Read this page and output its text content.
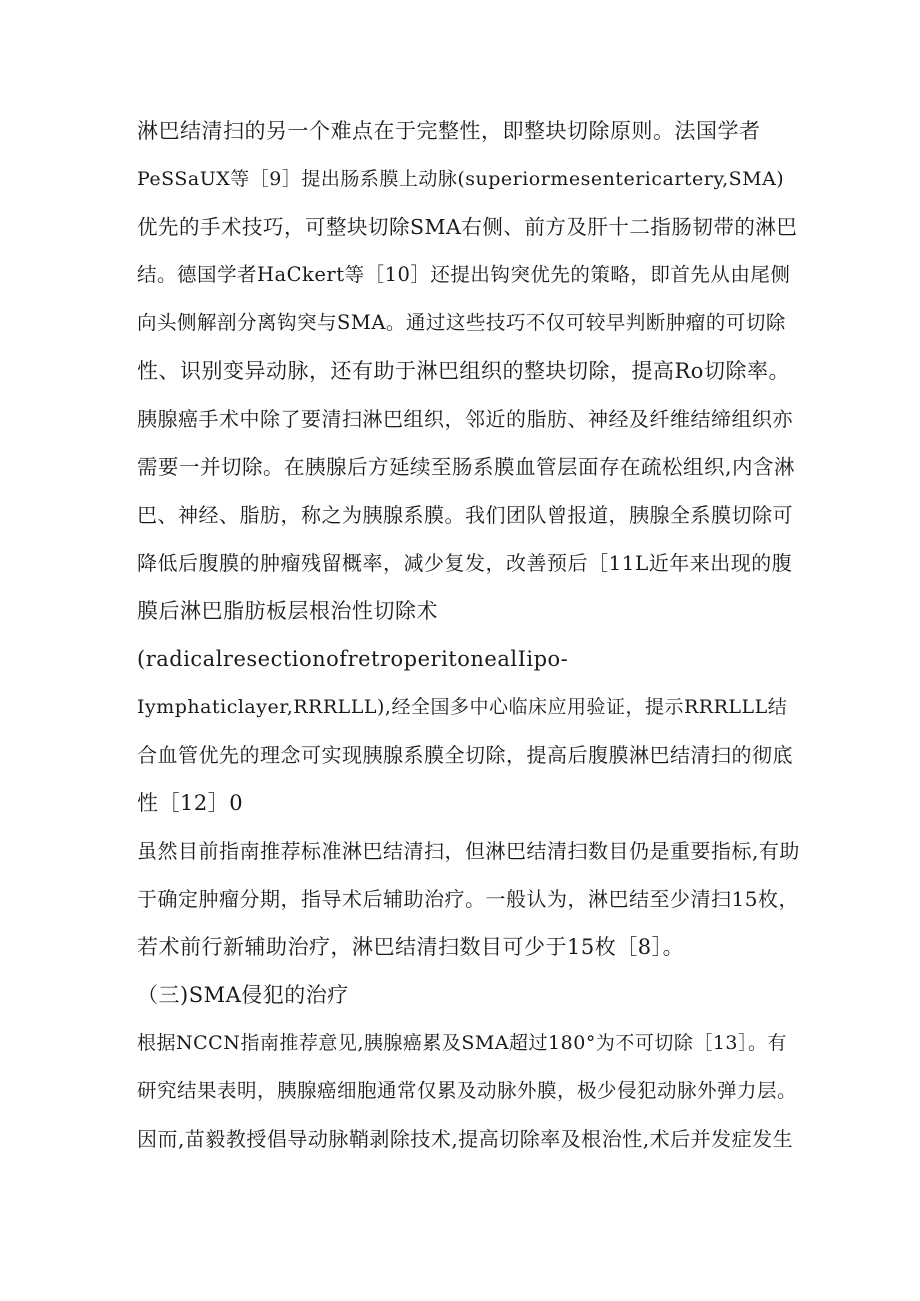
淋巴结清扫的另一个难点在于完整性，即整块切除原则。法国学者
PeSSaUX等［9］提出肠系膜上动脉(superiormesentericartery,SMA)
优先的手术技巧，可整块切除SMA右侧、前方及肝十二指肠韧带的淋巴
结。德国学者HaCkert等［10］还提出钩突优先的策略，即首先从由尾侧
向头侧解剖分离钩突与SMA。通过这些技巧不仅可较早判断肿瘤的可切除
性、识别变异动脉，还有助于淋巴组织的整块切除，提高Ro切除率。
胰腺癌手术中除了要清扫淋巴组织，邻近的脂肪、神经及纤维结缔组织亦
需要一并切除。在胰腺后方延续至肠系膜血管层面存在疏松组织,内含淋
巴、神经、脂肪，称之为胰腺系膜。我们团队曾报道，胰腺全系膜切除可
降低后腹膜的肿瘤残留概率，减少复发，改善预后［11L近年来出现的腹
膜后淋巴脂肪板层根治性切除术
(radicalresectionofretroperitonealIipo-
Iymphaticlayer,RRRLLL),经全国多中心临床应用验证，提示RRRLLL结
合血管优先的理念可实现胰腺系膜全切除，提高后腹膜淋巴结清扫的彻底
性［12］0
虽然目前指南推荐标准淋巴结清扫，但淋巴结清扫数目仍是重要指标,有助
于确定肿瘤分期，指导术后辅助治疗。一般认为，淋巴结至少清扫15枚，
若术前行新辅助治疗，淋巴结清扫数目可少于15枚［8］。
（三)SMA侵犯的治疗
根据NCCN指南推荐意见,胰腺癌累及SMA超过180°为不可切除［13］。有
研究结果表明，胰腺癌细胞通常仅累及动脉外膜，极少侵犯动脉外弹力层。
因而,苗毅教授倡导动脉鞘剥除技术,提高切除率及根治性,术后并发症发生
